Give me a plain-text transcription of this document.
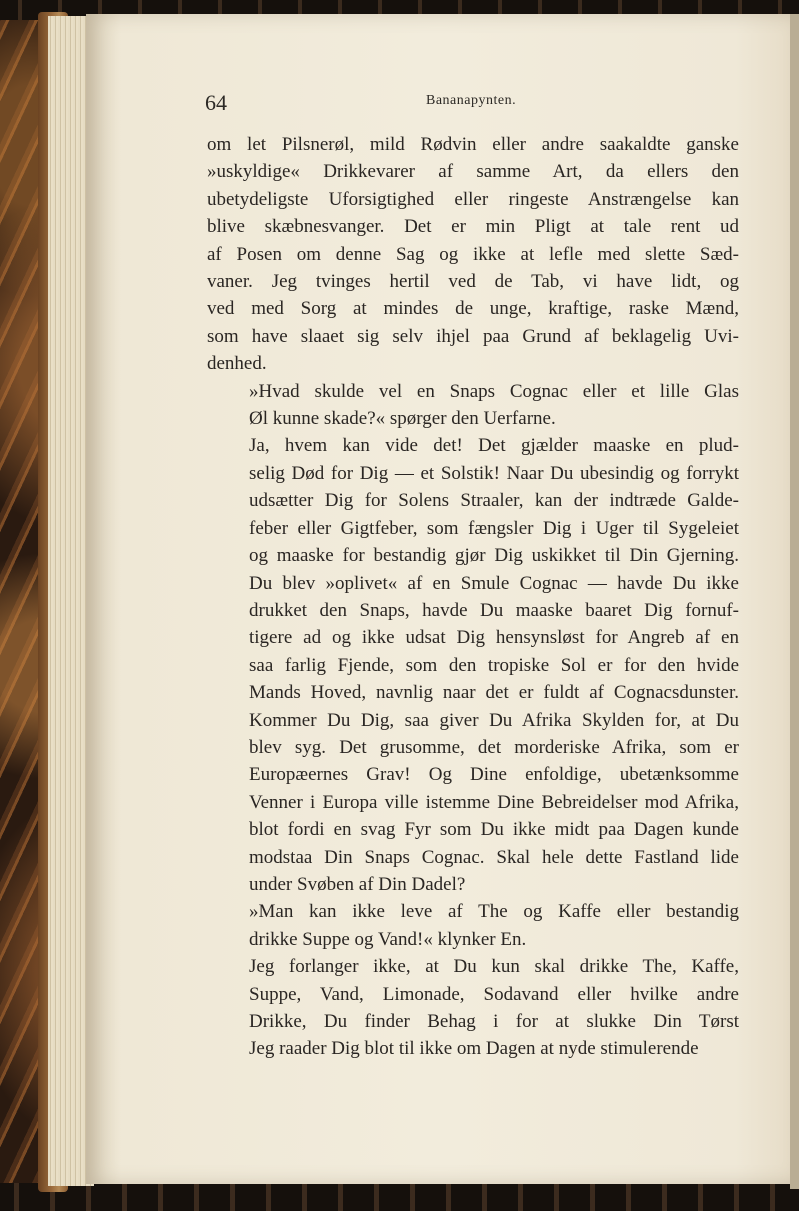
64	Bananapynten.

om let Pilsnerøl, mild Rødvin eller andre saakaldte ganske
»uskyldige« Drikkevarer af samme Art, da ellers den
ubetydeligste Uforsigtighed eller ringeste Anstrængelse kan
blive skæbnesvanger. Det er min Pligt at tale rent ud
af Posen om denne Sag og ikke at lefle med slette Sæd-
vaner. Jeg tvinges hertil ved de Tab, vi have lidt, og
ved med Sorg at mindes de unge, kraftige, raske Mænd,
som have slaaet sig selv ihjel paa Grund af beklagelig Uvi-
denhed.

»Hvad skulde vel en Snaps Cognac eller et lille Glas
Øl kunne skade?« spørger den Uerfarne.

Ja, hvem kan vide det! Det gjælder maaske en plud-
selig Død for Dig — et Solstik! Naar Du ubesindig og forrykt
udsætter Dig for Solens Straaler, kan der indtræde Galde-
feber eller Gigtfeber, som fængsler Dig i Uger til Sygeleiet
og maaske for bestandig gjør Dig uskikket til Din Gjerning.
Du blev »oplivet« af en Smule Cognac — havde Du ikke
drukket den Snaps, havde Du maaske baaret Dig fornuf-
tigere ad og ikke udsat Dig hensynsløst for Angreb af en
saa farlig Fjende, som den tropiske Sol er for den hvide
Mands Hoved, navnlig naar det er fuldt af Cognacsdunster.
Kommer Du Dig, saa giver Du Afrika Skylden for, at Du
blev syg. Det grusomme, det morderiske Afrika, som er
Europæernes Grav! Og Dine enfoldige, ubetænksomme
Venner i Europa ville istemme Dine Bebreidelser mod Afrika,
blot fordi en svag Fyr som Du ikke midt paa Dagen kunde
modstaa Din Snaps Cognac. Skal hele dette Fastland lide
under Svøben af Din Dadel?

»Man kan ikke leve af The og Kaffe eller bestandig
drikke Suppe og Vand!« klynker En.

Jeg forlanger ikke, at Du kun skal drikke The, Kaffe,
Suppe, Vand, Limonade, Sodavand eller hvilke andre
Drikke, Du finder Behag i for at slukke Din Tørst
Jeg raader Dig blot til ikke om Dagen at nyde stimulerende
